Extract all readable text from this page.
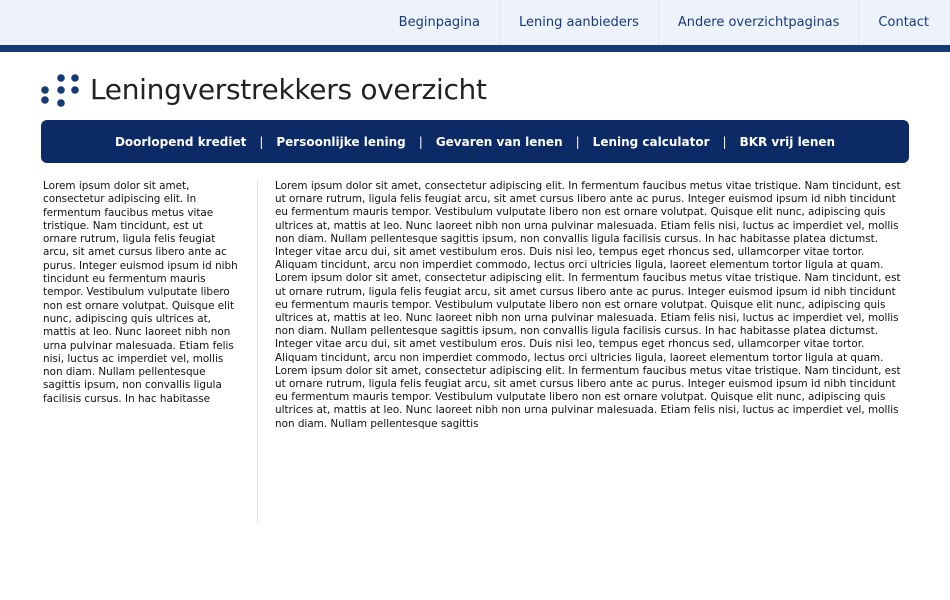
Beginpagina	Lening aanbieders	Andere overzichtpaginas	Contact
Leningverstrekkers overzicht
Doorlopend krediet | Persoonlijke lening | Gevaren van lenen | Lening calculator | BKR vrij lenen

Lorem ipsum dolor sit amet, consectetur adipiscing elit. In fermentum faucibus metus vitae tristique. Nam tincidunt, est ut ornare rutrum, ligula felis feugiat arcu, sit amet cursus libero ante ac purus. Integer euismod ipsum id nibh tincidunt eu fermentum mauris tempor. Vestibulum vulputate libero non est ornare volutpat. Quisque elit nunc, adipiscing quis ultrices at, mattis at leo. Nunc laoreet nibh non urna pulvinar malesuada. Etiam felis nisi, luctus ac imperdiet vel, mollis non diam. Nullam pellentesque sagittis ipsum, non convallis ligula facilisis cursus. In hac habitasse

Lorem ipsum dolor sit amet, consectetur adipiscing elit. In fermentum faucibus metus vitae tristique. Nam tincidunt, est ut ornare rutrum, ligula felis feugiat arcu, sit amet cursus libero ante ac purus. Integer euismod ipsum id nibh tincidunt eu fermentum mauris tempor. Vestibulum vulputate libero non est ornare volutpat. Quisque elit nunc, adipiscing quis ultrices at, mattis at leo. Nunc laoreet nibh non urna pulvinar malesuada. Etiam felis nisi, luctus ac imperdiet vel, mollis non diam. Nullam pellentesque sagittis ipsum, non convallis ligula facilisis cursus. In hac habitasse platea dictumst. Integer vitae arcu dui, sit amet vestibulum eros. Duis nisi leo, tempus eget rhoncus sed, ullamcorper vitae tortor. Aliquam tincidunt, arcu non imperdiet commodo, lectus orci ultricies ligula, laoreet elementum tortor ligula at quam. Lorem ipsum dolor sit amet, consectetur adipiscing elit. In fermentum faucibus metus vitae tristique. Nam tincidunt, est ut ornare rutrum, ligula felis feugiat arcu, sit amet cursus libero ante ac purus. Integer euismod ipsum id nibh tincidunt eu fermentum mauris tempor. Vestibulum vulputate libero non est ornare volutpat. Quisque elit nunc, adipiscing quis ultrices at, mattis at leo. Nunc laoreet nibh non urna pulvinar malesuada. Etiam felis nisi, luctus ac imperdiet vel, mollis non diam. Nullam pellentesque sagittis ipsum, non convallis ligula facilisis cursus. In hac habitasse platea dictumst. Integer vitae arcu dui, sit amet vestibulum eros. Duis nisi leo, tempus eget rhoncus sed, ullamcorper vitae tortor. Aliquam tincidunt, arcu non imperdiet commodo, lectus orci ultricies ligula, laoreet elementum tortor ligula at quam. Lorem ipsum dolor sit amet, consectetur adipiscing elit. In fermentum faucibus metus vitae tristique. Nam tincidunt, est ut ornare rutrum, ligula felis feugiat arcu, sit amet cursus libero ante ac purus. Integer euismod ipsum id nibh tincidunt eu fermentum mauris tempor. Vestibulum vulputate libero non est ornare volutpat. Quisque elit nunc, adipiscing quis ultrices at, mattis at leo. Nunc laoreet nibh non urna pulvinar malesuada. Etiam felis nisi, luctus ac imperdiet vel, mollis non diam. Nullam pellentesque sagittis
